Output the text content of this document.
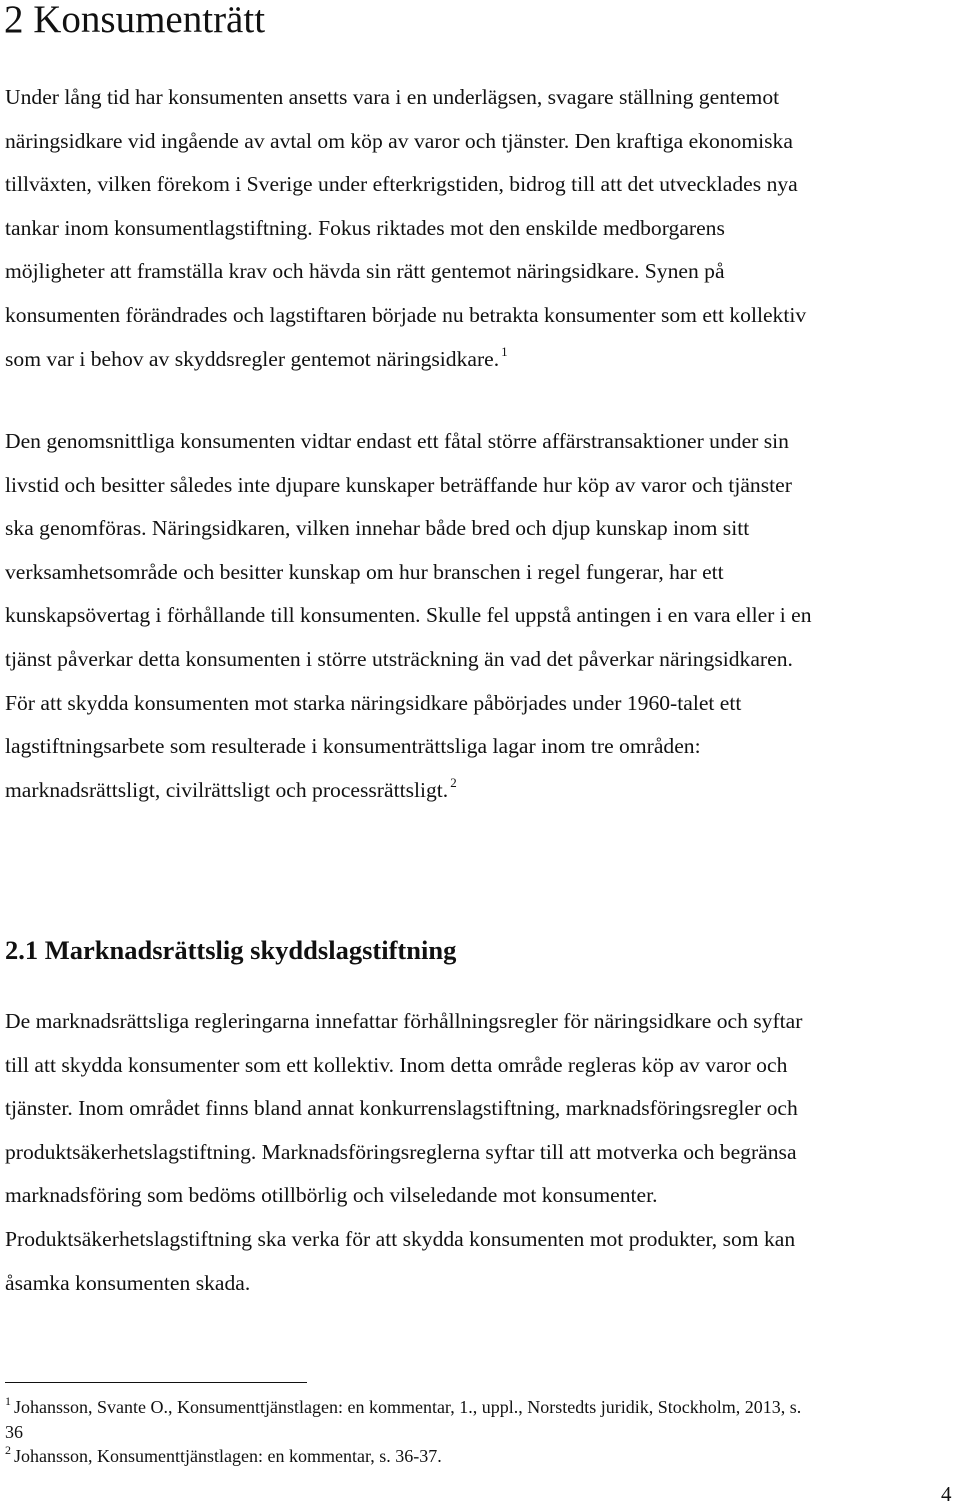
2 Konsumenträtt

Under lång tid har konsumenten ansetts vara i en underlägsen, svagare ställning gentemot
näringsidkare vid ingående av avtal om köp av varor och tjänster. Den kraftiga ekonomiska
tillväxten, vilken förekom i Sverige under efterkrigstiden, bidrog till att det utvecklades nya
tankar inom konsumentlagstiftning. Fokus riktades mot den enskilde medborgarens
möjligheter att framställa krav och hävda sin rätt gentemot näringsidkare. Synen på
konsumenten förändrades och lagstiftaren började nu betrakta konsumenter som ett kollektiv
som var i behov av skyddsregler gentemot näringsidkare. $^1$

Den genomsnittliga konsumenten vidtar endast ett fåtal större affärstransaktioner under sin
livstid och besitter således inte djupare kunskaper beträffande hur köp av varor och tjänster
ska genomföras. Näringsidkaren, vilken innehar både bred och djup kunskap inom sitt
verksamhetsområde och besitter kunskap om hur branschen i regel fungerar, har ett
kunskapsövertag i förhållande till konsumenten. Skulle fel uppstå antingen i en vara eller i en
tjänst påverkar detta konsumenten i större utsträckning än vad det påverkar näringsidkaren.
För att skydda konsumenten mot starka näringsidkare påbörjades under 1960-talet ett
lagstiftningsarbete som resulterade i konsumenträttsliga lagar inom tre områden:
marknadsrättsligt, civilrättsligt och processrättsligt. $^2$

2.1 Marknadsrättslig skyddslagstiftning

De marknadsrättsliga regleringarna innefattar förhållningsregler för näringsidkare och syftar
till att skydda konsumenter som ett kollektiv. Inom detta område regleras köp av varor och
tjänster. Inom området finns bland annat konkurrenslagstiftning, marknadsföringsregler och
produktsäkerhetslagstiftning. Marknadsföringsreglerna syftar till att motverka och begränsa
marknadsföring som bedöms otillbörlig och vilseledande mot konsumenter.
Produktsäkerhetslagstiftning ska verka för att skydda konsumenten mot produkter, som kan
åsamka konsumenten skada.

$^1$ Johansson, Svante O., Konsumenttjänstlagen: en kommentar, 1., uppl., Norstedts juridik, Stockholm, 2013, s.
36
$^2$ Johansson, Konsumenttjänstlagen: en kommentar, s. 36-37.
4
